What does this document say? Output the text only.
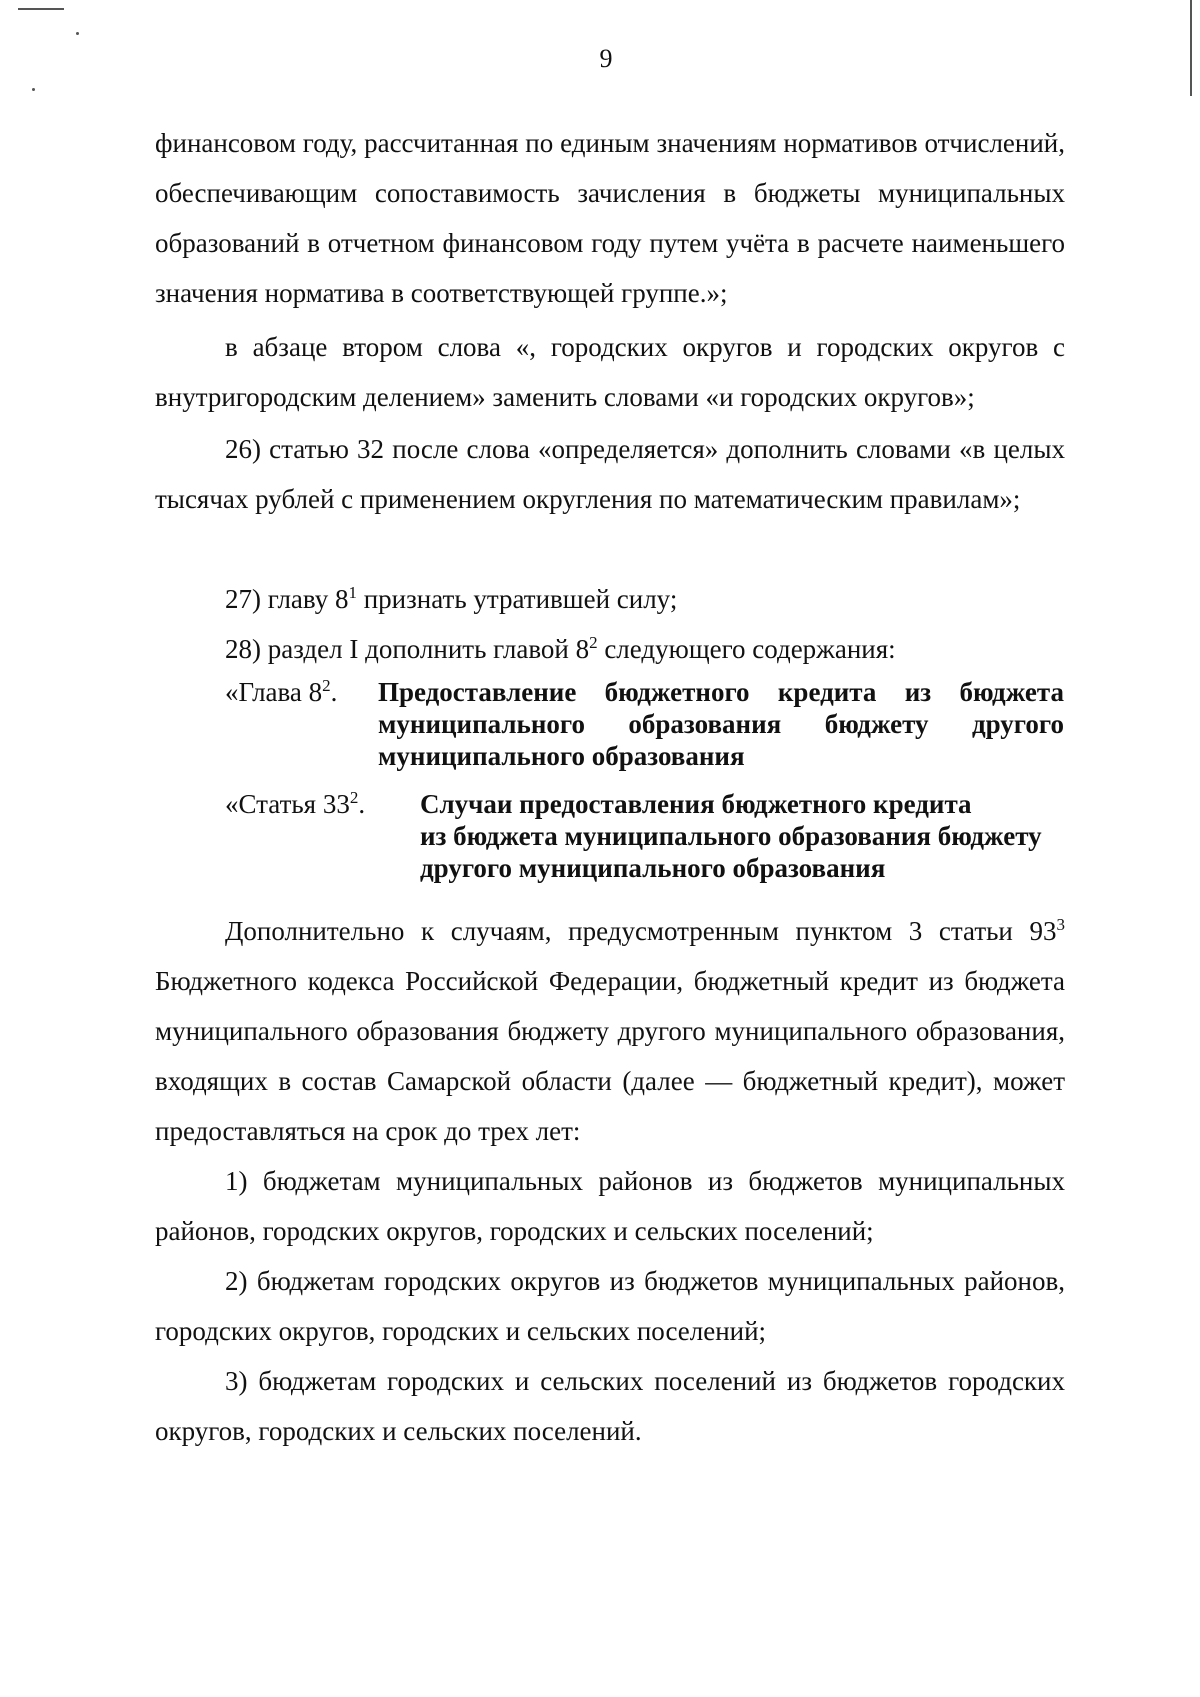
9

финансовом году, рассчитанная по единым значениям нормативов отчислений, обеспечивающим сопоставимость зачисления в бюджеты муниципальных образований в отчетном финансовом году путем учёта в расчете наименьшего значения норматива в соответствующей группе.»;

в абзаце втором слова «, городских округов и городских округов с внутригородским делением» заменить словами «и городских округов»;

26) статью 32 после слова «определяется» дополнить словами «в целых тысячах рублей с применением округления по математическим правилам»;

27) главу $8^1$ признать утратившей силу;

28) раздел I дополнить главой $8^2$ следующего содержания:

«Глава $8^2$. Предоставление бюджетного кредита из бюджета муниципального образования бюджету другого муниципального образования
«Статья $33^2$. Случаи предоставления бюджетного кредита
из бюджета муниципального образования бюджету
другого муниципального образования

Дополнительно к случаям, предусмотренным пунктом 3 статьи $93^3$ Бюджетного кодекса Российской Федерации, бюджетный кредит из бюджета муниципального образования бюджету другого муниципального образования, входящих в состав Самарской области (далее — бюджетный кредит), может предоставляться на срок до трех лет:

1) бюджетам муниципальных районов из бюджетов муниципальных районов, городских округов, городских и сельских поселений;

2) бюджетам городских округов из бюджетов муниципальных районов, городских округов, городских и сельских поселений;

3) бюджетам городских и сельских поселений из бюджетов городских округов, городских и сельских поселений.
